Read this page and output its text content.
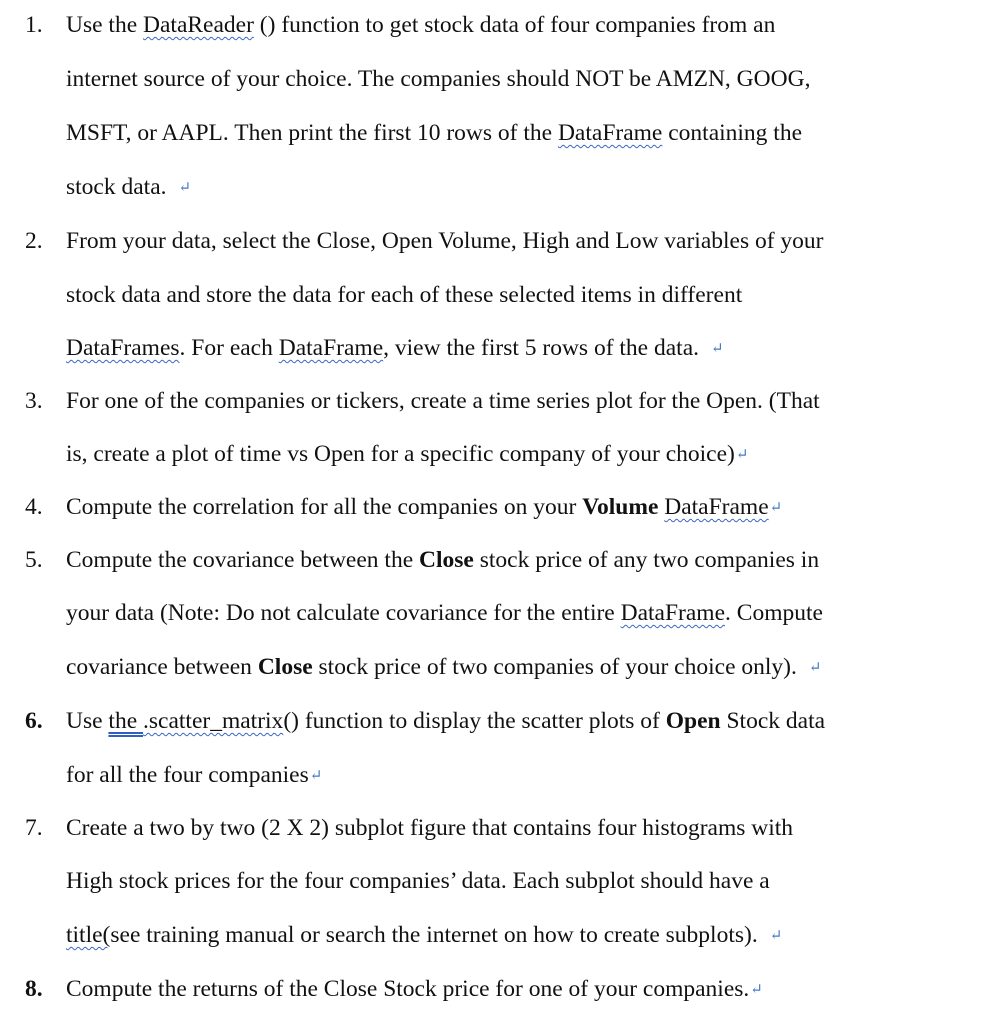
1. Use the DataReader () function to get stock data of four companies from an
internet source of your choice. The companies should NOT be AMZN, GOOG,
MSFT, or AAPL. Then print the first 10 rows of the DataFrame containing the
stock data. ↵
2. From your data, select the Close, Open Volume, High and Low variables of your
stock data and store the data for each of these selected items in different
DataFrames. For each DataFrame, view the first 5 rows of the data. ↵
3. For one of the companies or tickers, create a time series plot for the Open. (That
is, create a plot of time vs Open for a specific company of your choice)↵
4. Compute the correlation for all the companies on your Volume DataFrame↵
5. Compute the covariance between the Close stock price of any two companies in
your data (Note: Do not calculate covariance for the entire DataFrame. Compute
covariance between Close stock price of two companies of your choice only). ↵
6. Use the .scatter_matrix() function to display the scatter plots of Open Stock data
for all the four companies↵
7. Create a two by two (2 X 2) subplot figure that contains four histograms with
High stock prices for the four companies’ data. Each subplot should have a
title(see training manual or search the internet on how to create subplots). ↵
8. Compute the returns of the Close Stock price for one of your companies.↵
